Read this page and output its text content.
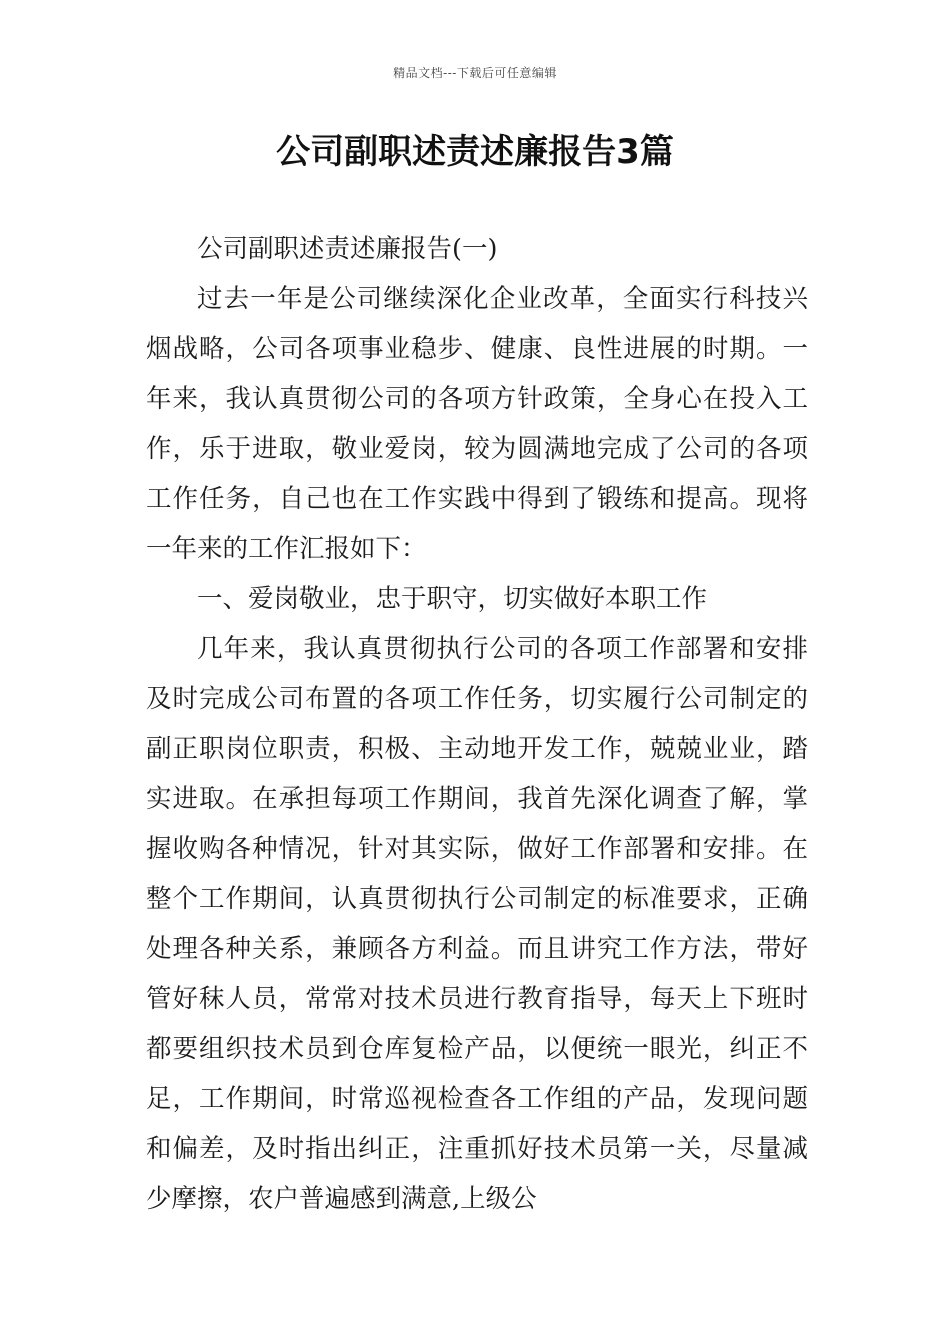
精品文档---下载后可任意编辑
公司副职述责述廉报告3篇

公司副职述责述廉报告(一)

过去一年是公司继续深化企业改革，全面实行科技兴烟战略，公司各项事业稳步、健康、良性进展的时期。一年来，我认真贯彻公司的各项方针政策，全身心在投入工作，乐于进取，敬业爱岗，较为圆满地完成了公司的各项工作任务，自己也在工作实践中得到了锻练和提高。现将一年来的工作汇报如下：

一、爱岗敬业，忠于职守，切实做好本职工作

几年来，我认真贯彻执行公司的各项工作部署和安排及时完成公司布置的各项工作任务，切实履行公司制定的副正职岗位职责，积极、主动地开发工作，兢兢业业，踏实进取。在承担每项工作期间，我首先深化调查了解，掌握收购各种情况，针对其实际，做好工作部署和安排。在整个工作期间，认真贯彻执行公司制定的标准要求，正确处理各种关系，兼顾各方利益。而且讲究工作方法，带好管好秣人员，常常对技术员进行教育指导，每天上下班时都要组织技术员到仓库复检产品，以便统一眼光，纠正不足，工作期间，时常巡视检查各工作组的产品，发现问题和偏差，及时指出纠正，注重抓好技术员第一关，尽量减少摩擦，农户普遍感到满意,上级公
